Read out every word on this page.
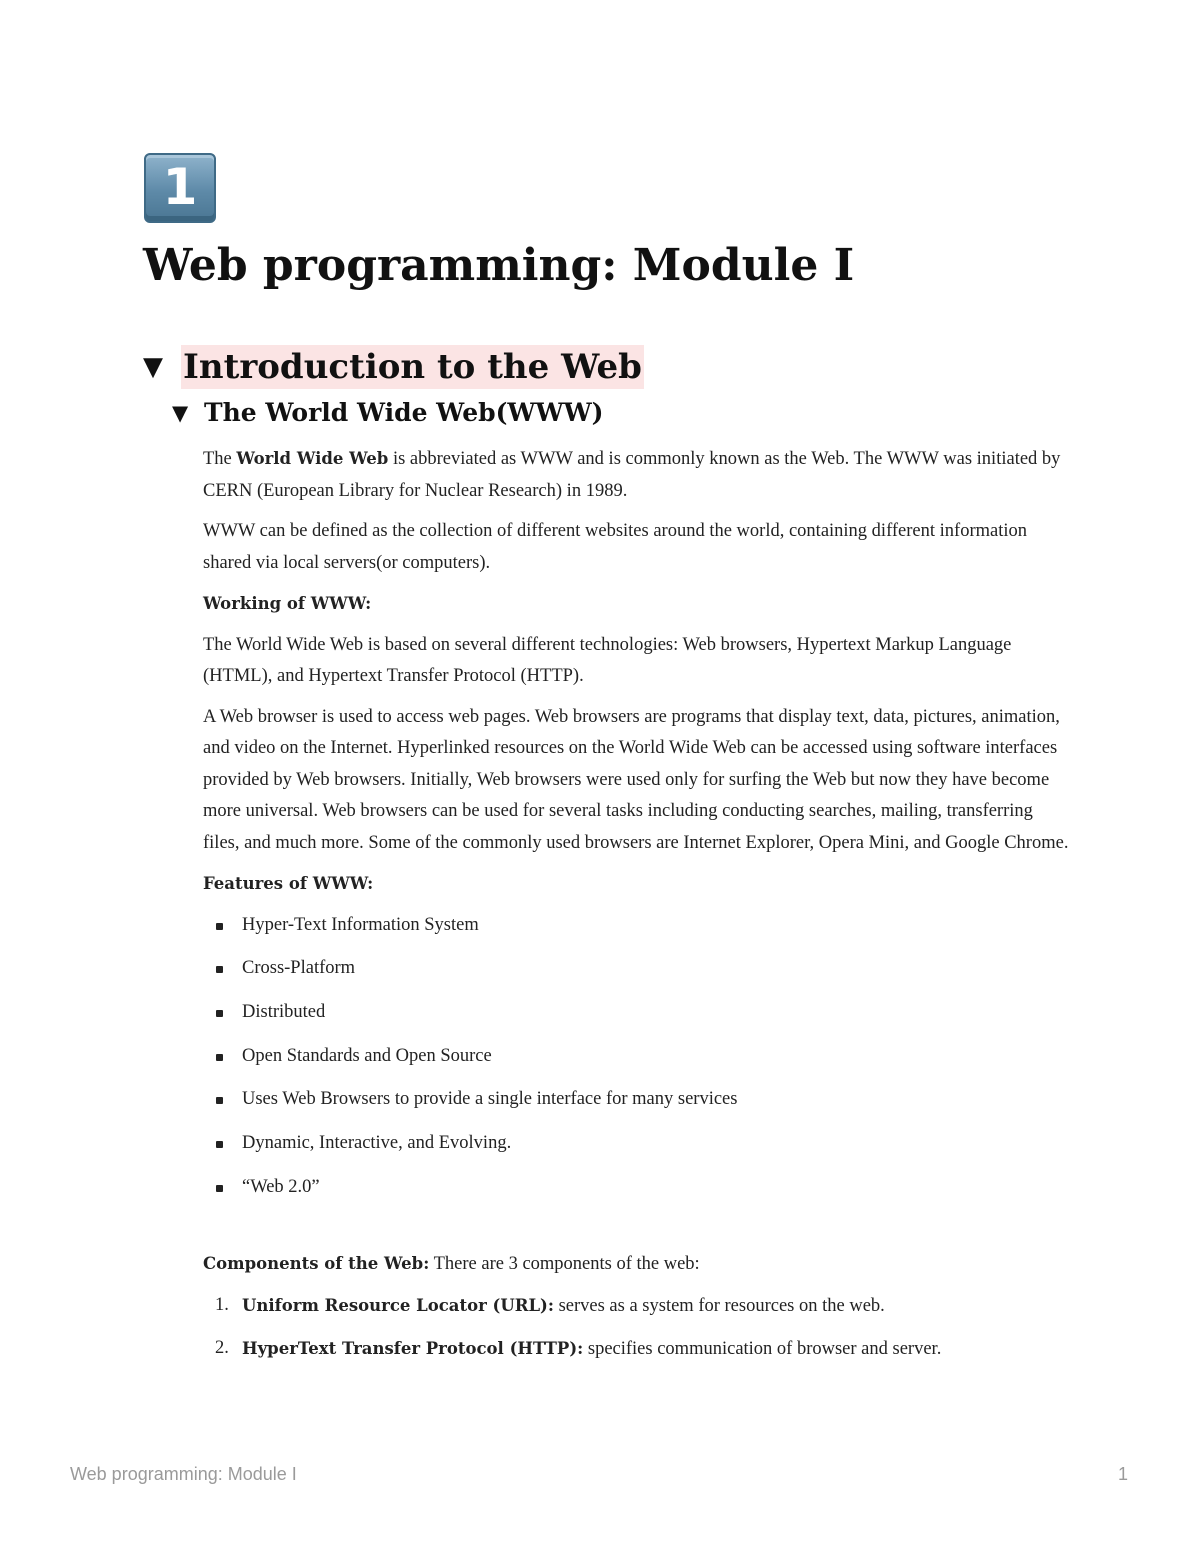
1
Web programming: Module I
▼ Introduction to the Web
▼ The World Wide Web(WWW)

The World Wide Web is abbreviated as WWW and is commonly known as the Web. The WWW was initiated by CERN (European Library for Nuclear Research) in 1989.

WWW can be defined as the collection of different websites around the world, containing different information shared via local servers(or computers).

Working of WWW:

The World Wide Web is based on several different technologies: Web browsers, Hypertext Markup Language (HTML), and Hypertext Transfer Protocol (HTTP).

A Web browser is used to access web pages. Web browsers are programs that display text, data, pictures, animation, and video on the Internet. Hyperlinked resources on the World Wide Web can be accessed using software interfaces provided by Web browsers. Initially, Web browsers were used only for surfing the Web but now they have become more universal. Web browsers can be used for several tasks including conducting searches, mailing, transferring files, and much more. Some of the commonly used browsers are Internet Explorer, Opera Mini, and Google Chrome.

Features of WWW:

Hyper-Text Information System
Cross-Platform
Distributed
Open Standards and Open Source
Uses Web Browsers to provide a single interface for many services
Dynamic, Interactive, and Evolving.
“Web 2.0”

Components of the Web: There are 3 components of the web:

1. Uniform Resource Locator (URL): serves as a system for resources on the web.
2. HyperText Transfer Protocol (HTTP): specifies communication of browser and server.
Web programming: Module I	1
